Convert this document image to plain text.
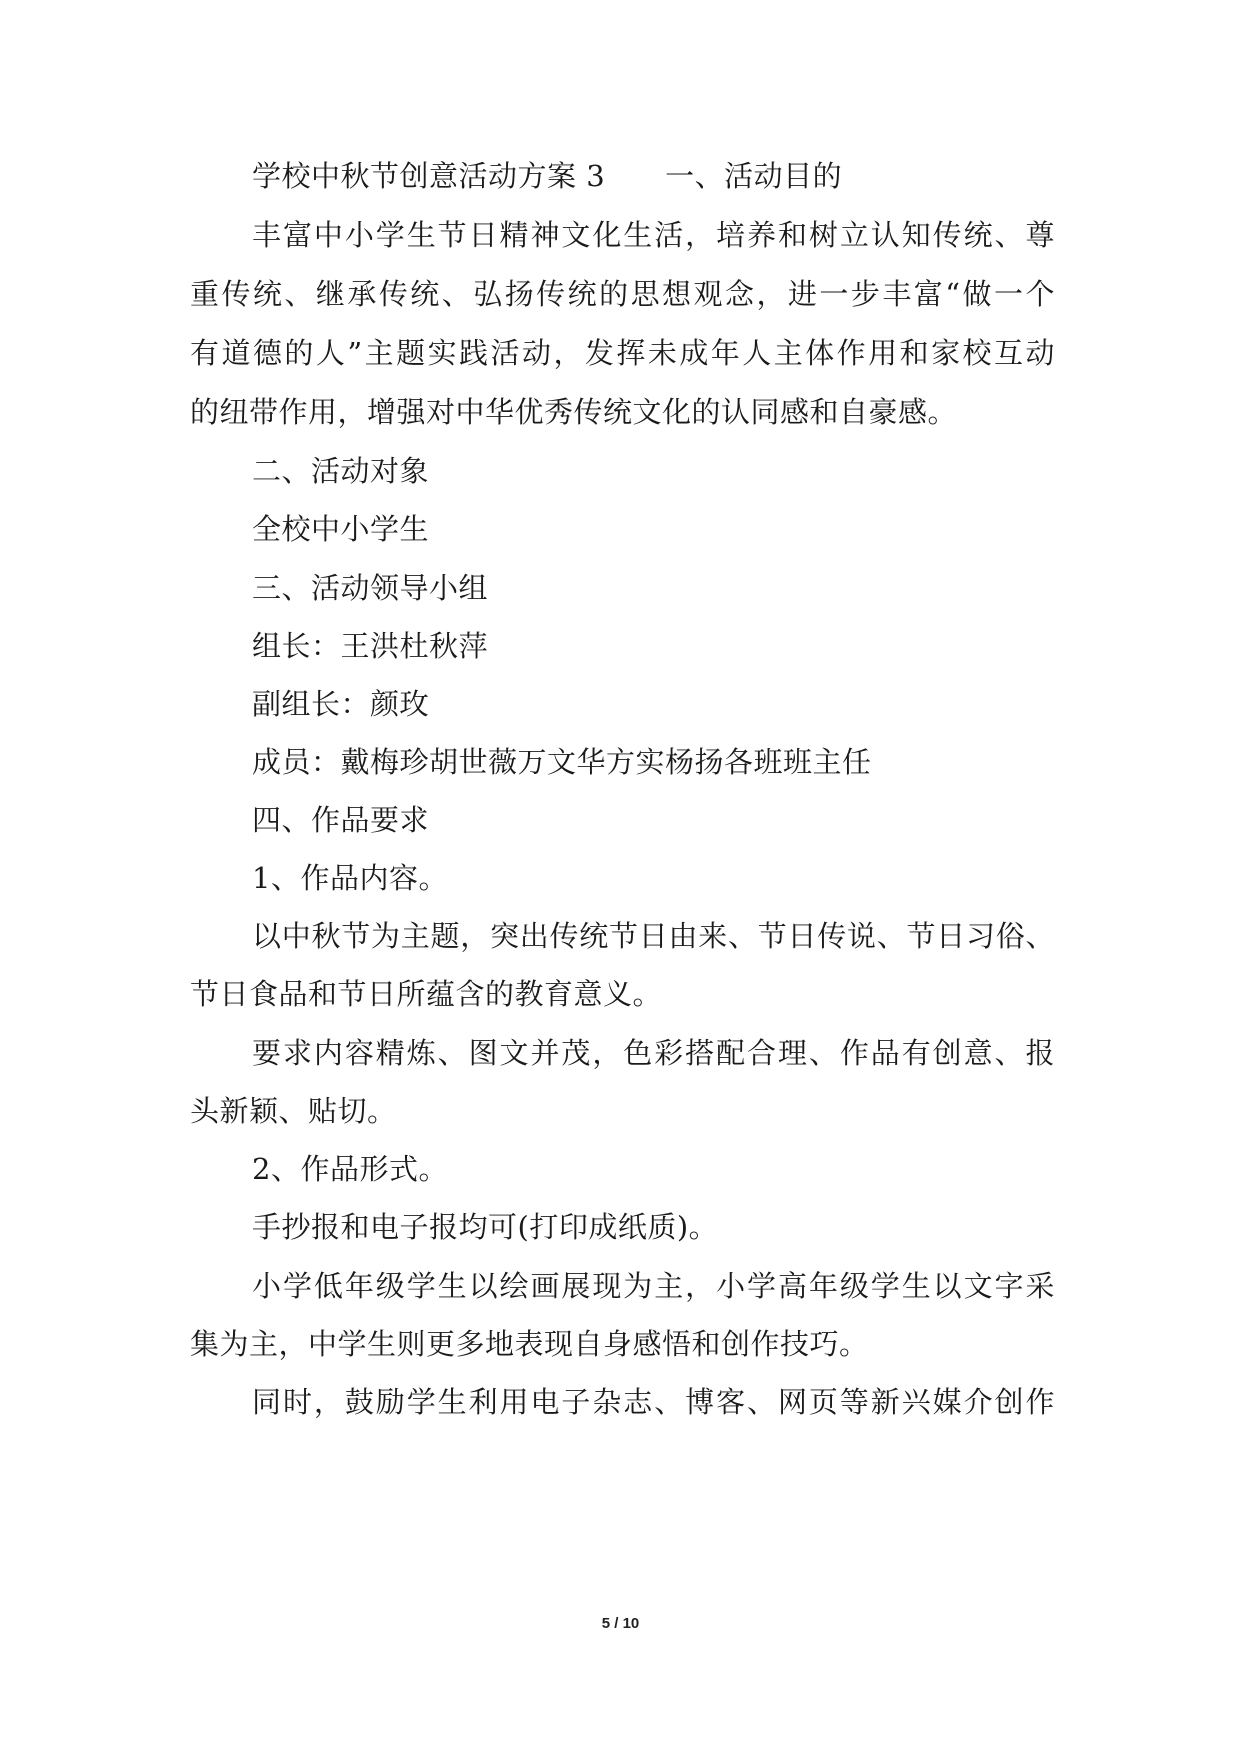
学校中秋节创意活动方案 3 一、活动目的
丰富中小学生节日精神文化生活，培养和树立认知传统、尊
重传统、继承传统、弘扬传统的思想观念，进一步丰富“做一个
有道德的人”主题实践活动，发挥未成年人主体作用和家校互动
的纽带作用，增强对中华优秀传统文化的认同感和自豪感。
二、活动对象
全校中小学生
三、活动领导小组
组长：王洪杜秋萍
副组长：颜玫
成员：戴梅珍胡世薇万文华方实杨扬各班班主任
四、作品要求
1、作品内容。
以中秋节为主题，突出传统节日由来、节日传说、节日习俗、
节日食品和节日所蕴含的教育意义。
要求内容精炼、图文并茂，色彩搭配合理、作品有创意、报
头新颖、贴切。
2、作品形式。
手抄报和电子报均可(打印成纸质)。
小学低年级学生以绘画展现为主，小学高年级学生以文字采
集为主，中学生则更多地表现自身感悟和创作技巧。
同时，鼓励学生利用电子杂志、博客、网页等新兴媒介创作
5 / 10
